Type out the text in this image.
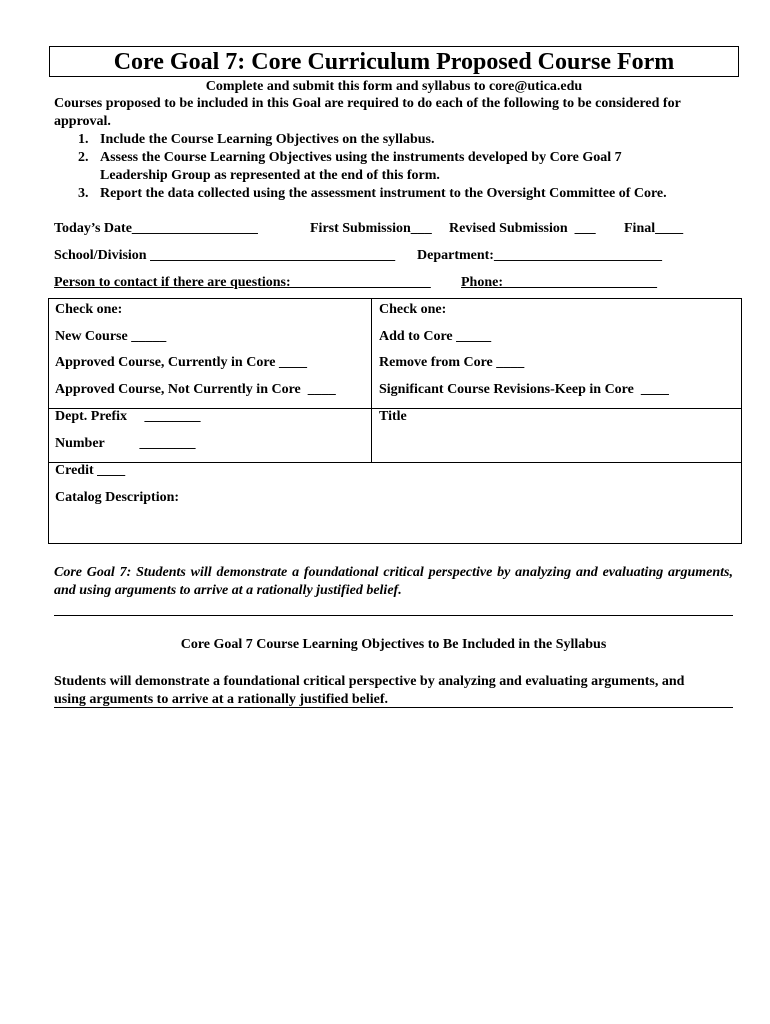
Core Goal 7: Core Curriculum Proposed Course Form
Complete and submit this form and syllabus to core@utica.edu
Courses proposed to be included in this Goal are required to do each of the following to be considered for
approval.
1. Include the Course Learning Objectives on the syllabus.
2. Assess the Course Learning Objectives using the instruments developed by Core Goal 7
Leadership Group as represented at the end of this form.
3. Report the data collected using the assessment instrument to the Oversight Committee of Core.
Today’s Date__________________	First Submission___ Revised Submission  ___ Final____
School/Division ___________________________________ Department:________________________
Person to contact if there are questions:  ___________________ Phone:______________________
Check one:
New Course _____
Approved Course, Currently in Core ____
Approved Course, Not Currently in Core  ____
Check one:
Add to Core _____
Remove from Core ____
Significant Course Revisions-Keep in Core  ____
Dept. Prefix     ________
Number          ________
Title
Credit ____
Catalog Description:
Core Goal 7: Students will demonstrate a foundational critical perspective by analyzing and evaluating arguments, and using arguments to arrive at a rationally justified belief.
Core Goal 7 Course Learning Objectives to Be Included in the Syllabus
Students will demonstrate a foundational critical perspective by analyzing and evaluating arguments, and
using arguments to arrive at a rationally justified belief.
